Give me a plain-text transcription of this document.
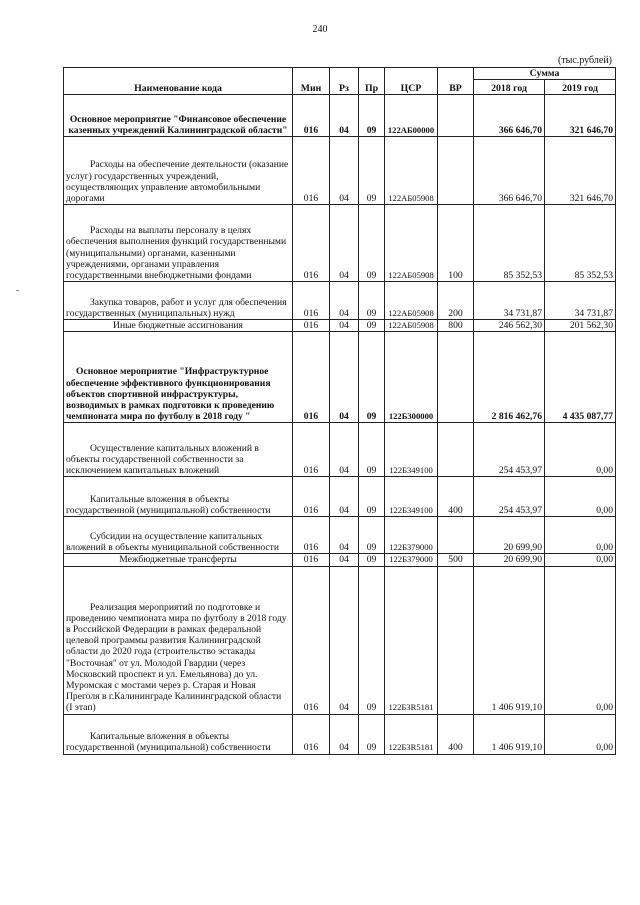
240
(тыс.рублей)
Наименование кода	Мин	Рз	Пр	ЦСР	ВР	Сумма	
						2018 год	2019 год
Основное мероприятие "Финансовое обеспечение казенных учреждений Калининградской области"	016	04	09	122АБ00000		366 646,70	321 646,70
Расходы на обеспечение деятельности (оказание услуг) государственных учреждений, осуществляющих управление автомобильными дорогами	016	04	09	122АБ05908		366 646,70	321 646,70
Расходы на выплаты персоналу в целях обеспечения выполнения функций государственными (муниципальными) органами, казенными учреждениями, органами управления государственными внебюджетными фондами	016	04	09	122АБ05908	100	85 352,53	85 352,53
Закупка товаров, работ и услуг для обеспечения государственных (муниципальных) нужд	016	04	09	122АБ05908	200	34 731,87	34 731,87
Иные бюджетные ассигнования	016	04	09	122АБ05908	800	246 562,30	201 562,30
Основное мероприятие "Инфраструктурное обеспечение эффективного функционирования объектов спортивной инфраструктуры, возводимых в рамках подготовки к проведению чемпионата мира по футболу в 2018 году "	016	04	09	122Б300000		2 816 462,76	4 435 087,77
Осуществление капитальных вложений в объекты государственной собственности за исключением капитальных вложений	016	04	09	122Б349100		254 453,97	0,00
Капитальные вложения в объекты государственной (муниципальной) собственности	016	04	09	122Б349100	400	254 453,97	0,00
Субсидии на осуществление капитальных вложений в объекты муниципальной собственности	016	04	09	122Б379000		20 699,90	0,00
Межбюджетные трансферты	016	04	09	122Б379000	500	20 699,90	0,00
Реализация мероприятий по подготовке и проведению чемпионата мира по футболу в 2018 году в Российской Федерации в рамках федеральной целевой программы развития Калининградской области до 2020 года (строительство эстакады "Восточная" от ул. Молодой Гвардии (через Московский проспект и ул. Емельянова) до ул. Муромская с мостами через р. Старая и Новая Преголя в г.Калининграде Калининградской области (I этап)	016	04	09	122Б3R5181		1 406 919,10	0,00
Капитальные вложения в объекты государственной (муниципальной) собственности	016	04	09	122Б3R5181	400	1 406 919,10	0,00
